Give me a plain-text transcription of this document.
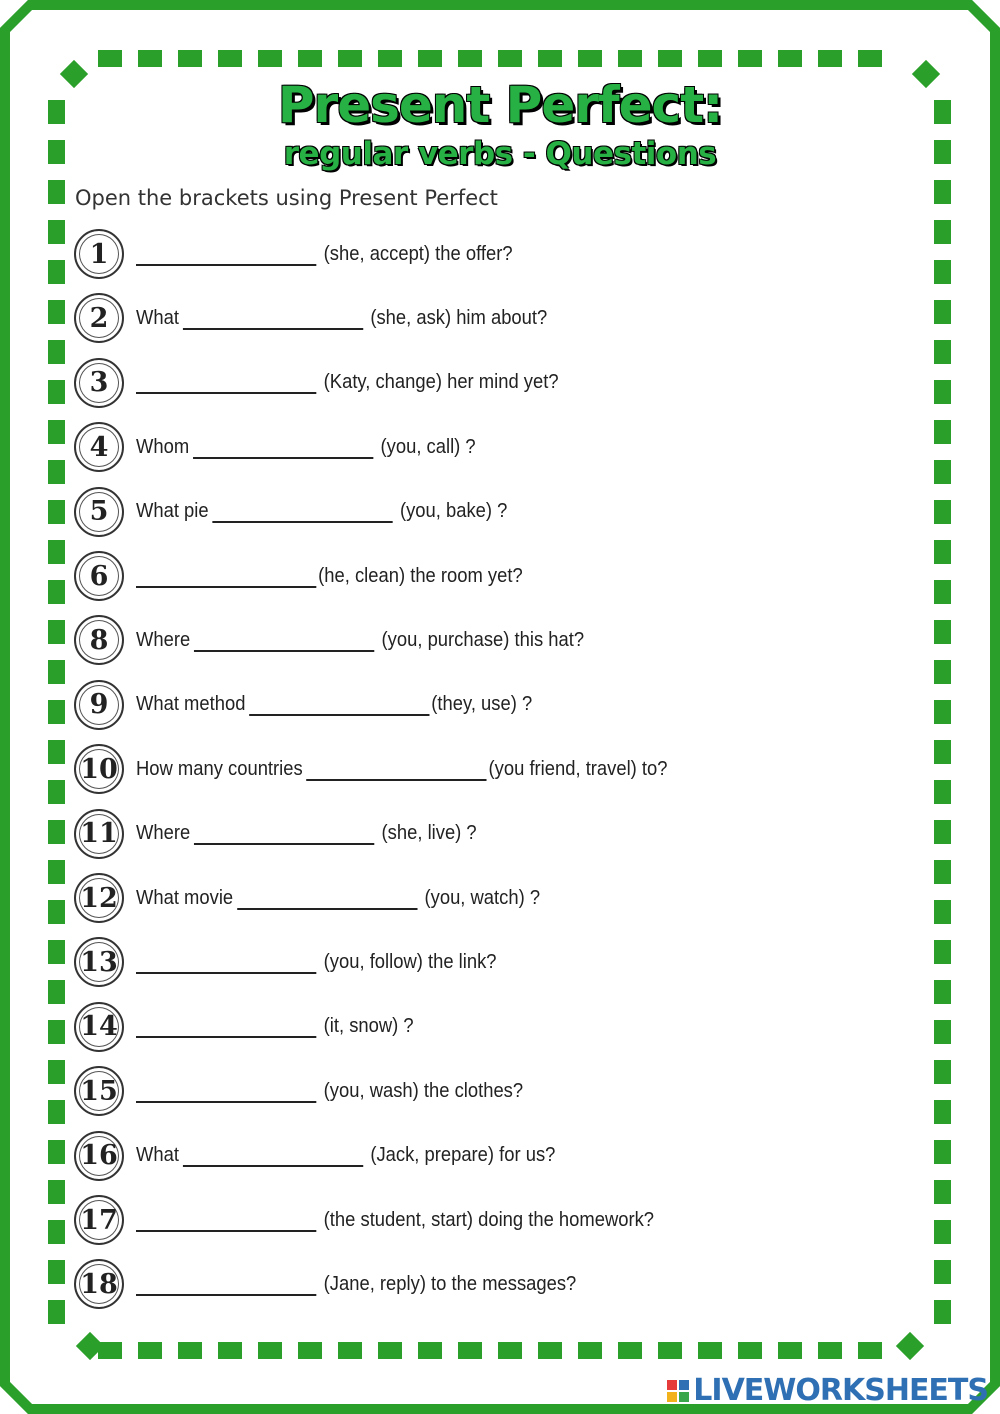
Present Perfect:
regular verbs - Questions
Open the brackets using Present Perfect
1	(she, accept) the offer?
2	What	(she, ask) him about?
3	(Katy, change) her mind yet?
4	Whom	(you, call) ?
5	What pie	(you, bake) ?
6	(he, clean) the room yet?
8	Where	(you, purchase) this hat?
9	What method	(they, use) ?
10 How many countries	(you friend, travel) to?
11 Where	(she, live) ?
12 What movie	(you, watch) ?
13	(you, follow) the link?
14	(it, snow) ?
15	(you, wash) the clothes?
16 What	(Jack, prepare) for us?
17	(the student, start) doing the homework?
18	(Jane, reply) to the messages?
LIVEWORKSHEETS
